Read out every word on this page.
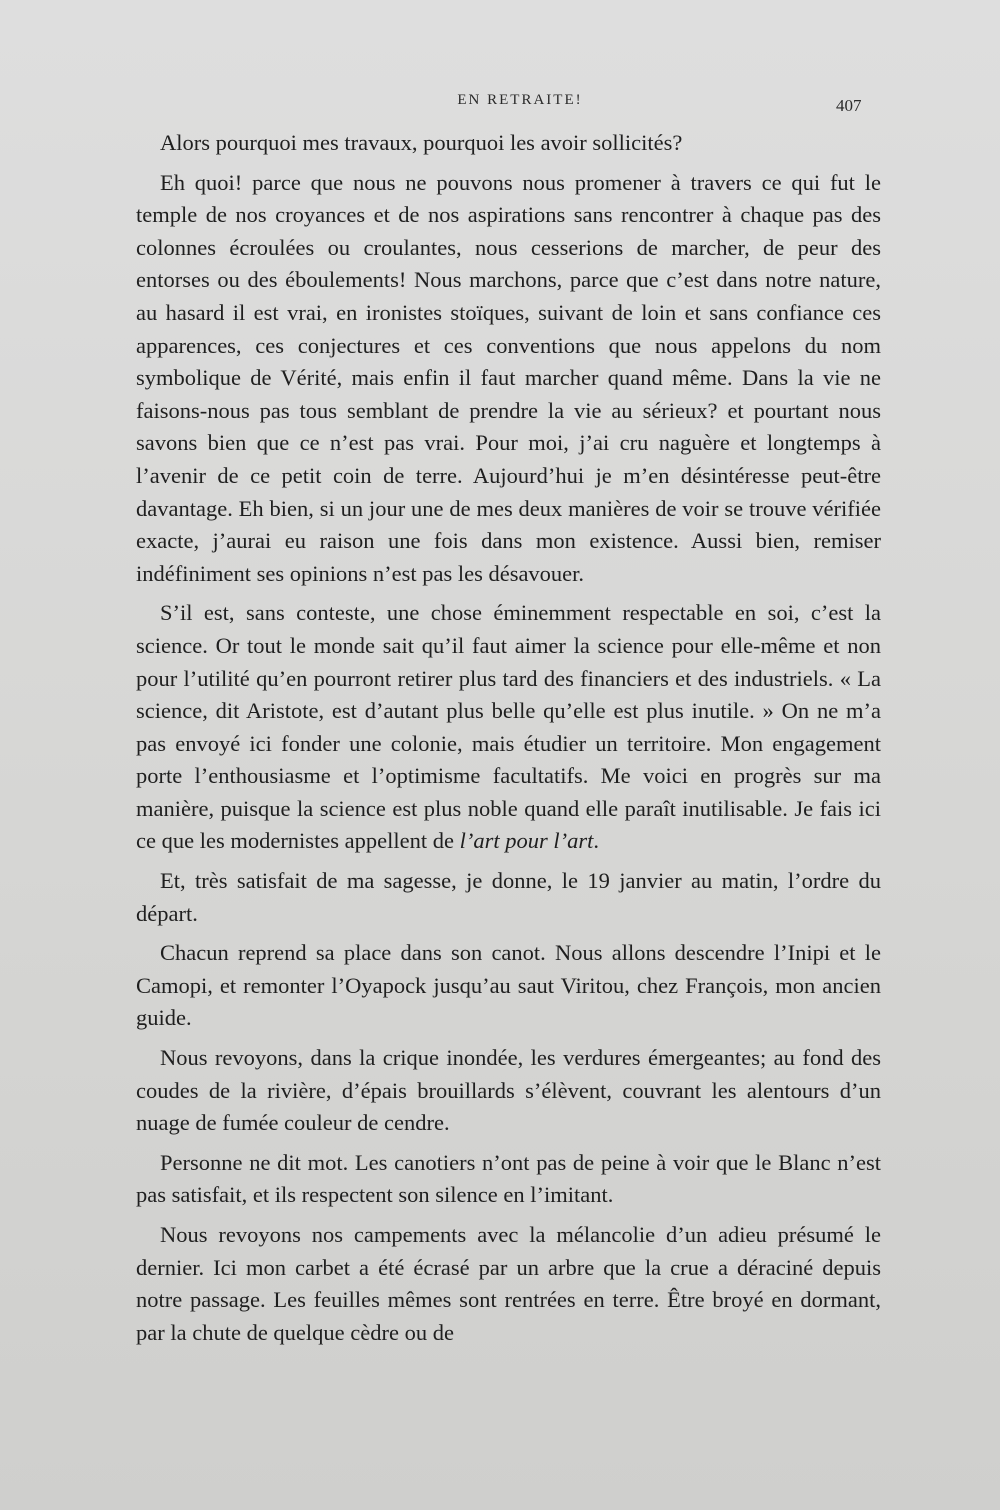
EN RETRAITE!	407

Alors pourquoi mes travaux, pourquoi les avoir sollicités?

Eh quoi! parce que nous ne pouvons nous promener à travers ce qui fut le temple de nos croyances et de nos aspirations sans rencontrer à chaque pas des colonnes écroulées ou croulantes, nous cesserions de marcher, de peur des entorses ou des éboulements! Nous marchons, parce que c’est dans notre nature, au hasard il est vrai, en ironistes stoïques, suivant de loin et sans confiance ces apparences, ces conjectures et ces conventions que nous appelons du nom symbolique de Vérité, mais enfin il faut marcher quand même. Dans la vie ne faisons-nous pas tous semblant de prendre la vie au sérieux? et pourtant nous savons bien que ce n’est pas vrai. Pour moi, j’ai cru naguère et longtemps à l’avenir de ce petit coin de terre. Aujourd’hui je m’en désintéresse peut-être davantage. Eh bien, si un jour une de mes deux manières de voir se trouve vérifiée exacte, j’aurai eu raison une fois dans mon existence. Aussi bien, remiser indéfiniment ses opinions n’est pas les désavouer.

S’il est, sans conteste, une chose éminemment respectable en soi, c’est la science. Or tout le monde sait qu’il faut aimer la science pour elle-même et non pour l’utilité qu’en pourront retirer plus tard des financiers et des industriels. « La science, dit Aristote, est d’autant plus belle qu’elle est plus inutile. » On ne m’a pas envoyé ici fonder une colonie, mais étudier un territoire. Mon engagement porte l’enthousiasme et l’optimisme facultatifs. Me voici en progrès sur ma manière, puisque la science est plus noble quand elle paraît inutilisable. Je fais ici ce que les modernistes appellent de l’art pour l’art.

Et, très satisfait de ma sagesse, je donne, le 19 janvier au matin, l’ordre du départ.

Chacun reprend sa place dans son canot. Nous allons descendre l’Inipi et le Camopi, et remonter l’Oyapock jusqu’au saut Viritou, chez François, mon ancien guide.

Nous revoyons, dans la crique inondée, les verdures émergeantes; au fond des coudes de la rivière, d’épais brouillards s’élèvent, couvrant les alentours d’un nuage de fumée couleur de cendre.

Personne ne dit mot. Les canotiers n’ont pas de peine à voir que le Blanc n’est pas satisfait, et ils respectent son silence en l’imitant.

Nous revoyons nos campements avec la mélancolie d’un adieu présumé le dernier. Ici mon carbet a été écrasé par un arbre que la crue a déraciné depuis notre passage. Les feuilles mêmes sont rentrées en terre. Être broyé en dormant, par la chute de quelque cèdre ou de
